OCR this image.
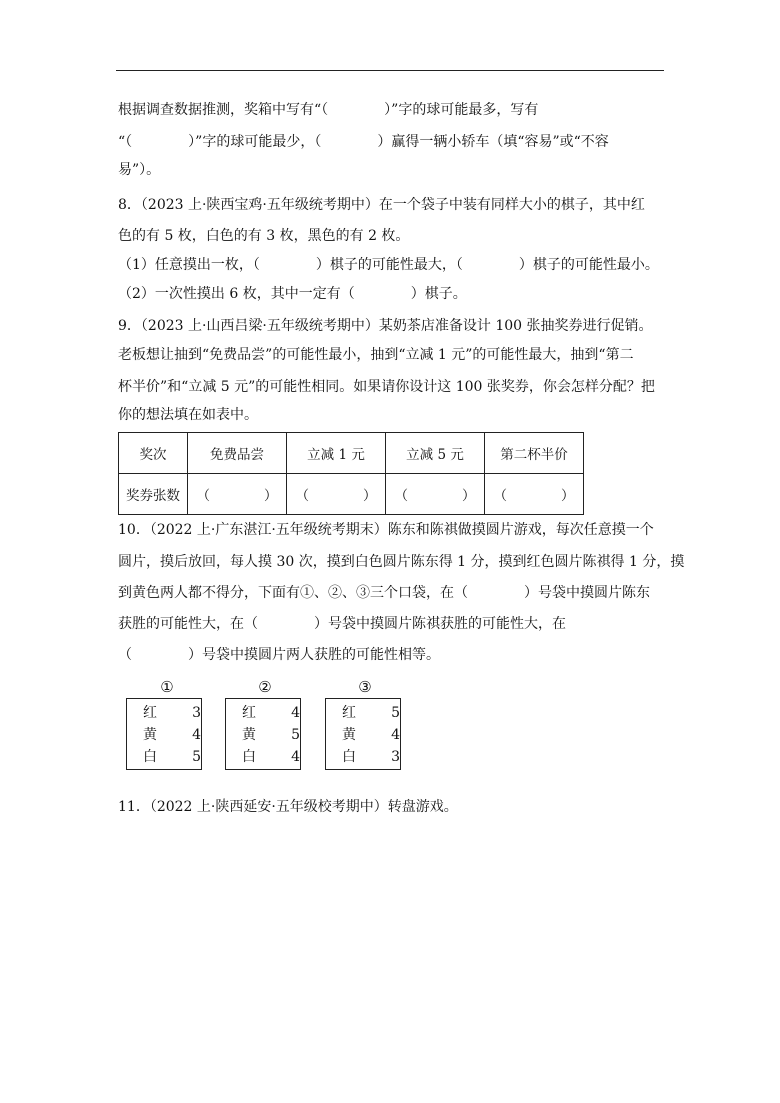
根据调查数据推测，奖箱中写有“（　　　　）”字的球可能最多，写有
“（　　　　）”字的球可能最少，（　　　　）赢得一辆小轿车（填“容易”或“不容
易”）。
8．（2023 上·陕西宝鸡·五年级统考期中）在一个袋子中装有同样大小的棋子，其中红
色的有 5 枚，白色的有 3 枚，黑色的有 2 枚。
（1）任意摸出一枚，（　　　　）棋子的可能性最大，（　　　　）棋子的可能性最小。
（2）一次性摸出 6 枚，其中一定有（　　　　）棋子。
9．（2023 上·山西吕梁·五年级统考期中）某奶茶店准备设计 100 张抽奖券进行促销。
老板想让抽到“免费品尝”的可能性最小，抽到“立减 1 元”的可能性最大，抽到“第二
杯半价”和“立减 5 元”的可能性相同。如果请你设计这 100 张奖券，你会怎样分配？把
你的想法填在如表中。
奖次	免费品尝	立减 1 元	立减 5 元	第二杯半价
奖券张数	（　　　　）	（　　　　）	（　　　　）	（　　　　）
10．（2022 上·广东湛江·五年级统考期末）陈东和陈祺做摸圆片游戏，每次任意摸一个
圆片，摸后放回，每人摸 30 次，摸到白色圆片陈东得 1 分，摸到红色圆片陈祺得 1 分，摸
到黄色两人都不得分，下面有①、②、③三个口袋，在（　　　　）号袋中摸圆片陈东
获胜的可能性大，在（　　　　）号袋中摸圆片陈祺获胜的可能性大，在
（　　　　）号袋中摸圆片两人获胜的可能性相等。
①
红	3
黄	4
白	5
②
红	4
黄	5
白	4
③
红	5
黄	4
白	3
11．（2022 上·陕西延安·五年级校考期中）转盘游戏。
